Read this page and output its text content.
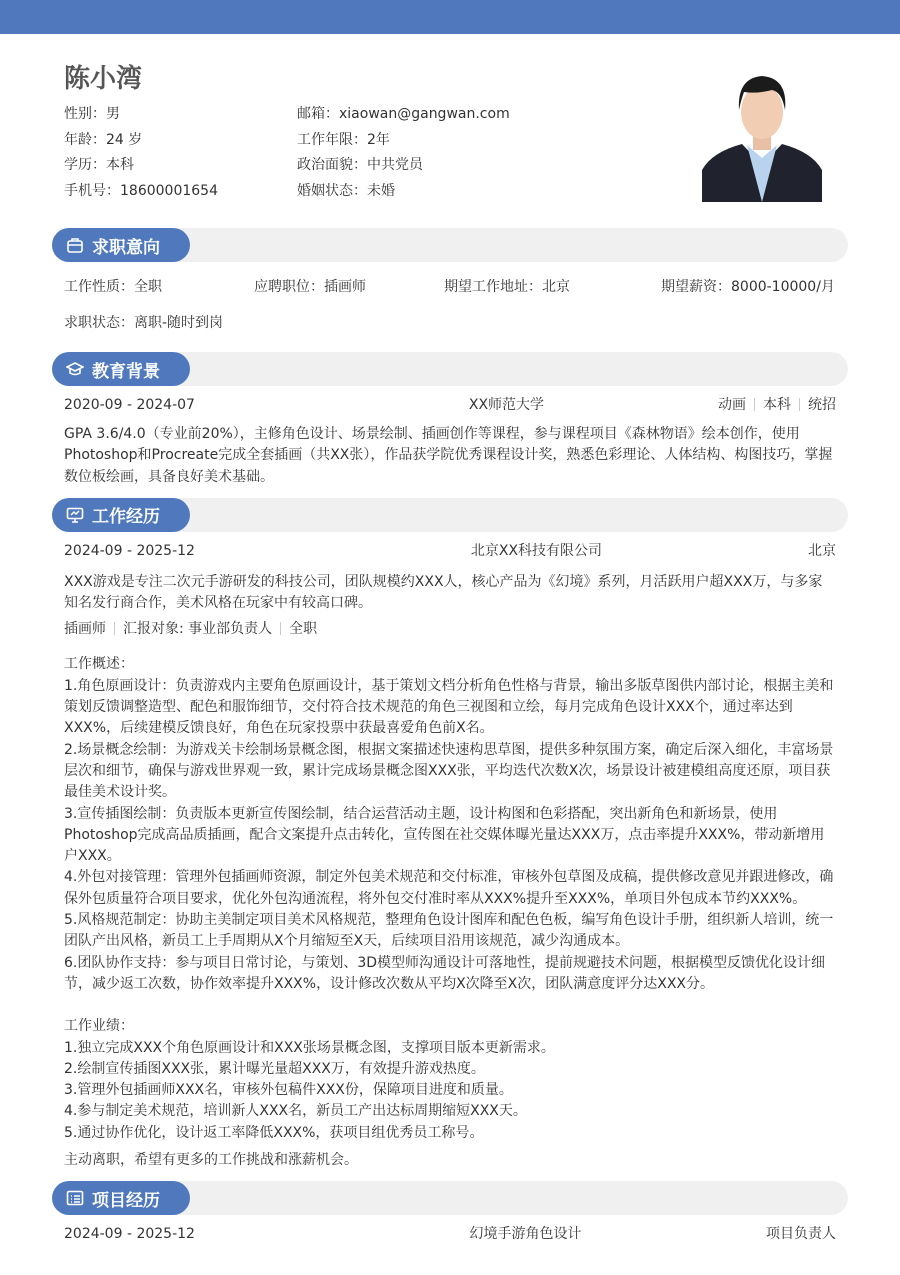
陈小湾
性别：男	邮箱：xiaowan@gangwan.com
年龄：24 岁	工作年限：2年
学历：本科	政治面貌：中共党员
手机号：18600001654	婚姻状态：未婚
求职意向
工作性质：全职	应聘职位：插画师	期望工作地址：北京	期望薪资：8000-10000/月
求职状态： 离职-随时到岗
教育背景
2020-09 - 2024-07	XX师范大学	动画 本科 统招

GPA 3.6/4.0（专业前20%），主修角色设计、场景绘制、插画创作等课程，参与课程项目《森林物语》绘本创作，使用Photoshop和Procreate完成全套插画（共XX张），作品获学院优秀课程设计奖，熟悉色彩理论、人体结构、构图技巧，掌握数位板绘画，具备良好美术基础。

工作经历
2024-09 - 2025-12	北京XX科技有限公司	北京

XXX游戏是专注二次元手游研发的科技公司，团队规模约XXX人，核心产品为《幻境》系列，月活跃用户超XXX万，与多家知名发行商合作，美术风格在玩家中有较高口碑。

插画师 汇报对象: 事业部负责人 全职

工作概述：

1.角色原画设计：负责游戏内主要角色原画设计，基于策划文档分析角色性格与背景，输出多版草图供内部讨论，根据主美和策划反馈调整造型、配色和服饰细节，交付符合技术规范的角色三视图和立绘，每月完成角色设计XXX个，通过率达到XXX%，后续建模反馈良好，角色在玩家投票中获最喜爱角色前X名。

2.场景概念绘制：为游戏关卡绘制场景概念图，根据文案描述快速构思草图，提供多种氛围方案，确定后深入细化，丰富场景层次和细节，确保与游戏世界观一致，累计完成场景概念图XXX张，平均迭代次数X次，场景设计被建模组高度还原，项目获最佳美术设计奖。

3.宣传插图绘制：负责版本更新宣传图绘制，结合运营活动主题，设计构图和色彩搭配，突出新角色和新场景，使用Photoshop完成高品质插画，配合文案提升点击转化，宣传图在社交媒体曝光量达XXX万，点击率提升XXX%，带动新增用户XXX。

4.外包对接管理：管理外包插画师资源，制定外包美术规范和交付标准，审核外包草图及成稿，提供修改意见并跟进修改，确保外包质量符合项目要求，优化外包沟通流程，将外包交付准时率从XXX%提升至XXX%，单项目外包成本节约XXX%。

5.风格规范制定：协助主美制定项目美术风格规范，整理角色设计图库和配色色板，编写角色设计手册，组织新人培训，统一团队产出风格，新员工上手周期从X个月缩短至X天，后续项目沿用该规范，减少沟通成本。

6.团队协作支持：参与项目日常讨论，与策划、3D模型师沟通设计可落地性，提前规避技术问题，根据模型反馈优化设计细节，减少返工次数，协作效率提升XXX%，设计修改次数从平均X次降至X次，团队满意度评分达XXX分。

工作业绩：

1.独立完成XXX个角色原画设计和XXX张场景概念图，支撑项目版本更新需求。

2.绘制宣传插图XXX张，累计曝光量超XXX万，有效提升游戏热度。

3.管理外包插画师XXX名，审核外包稿件XXX份，保障项目进度和质量。

4.参与制定美术规范，培训新人XXX名，新员工产出达标周期缩短XXX天。

5.通过协作优化，设计返工率降低XXX%，获项目组优秀员工称号。

主动离职，希望有更多的工作挑战和涨薪机会。

项目经历
2024-09 - 2025-12	幻境手游角色设计	项目负责人
